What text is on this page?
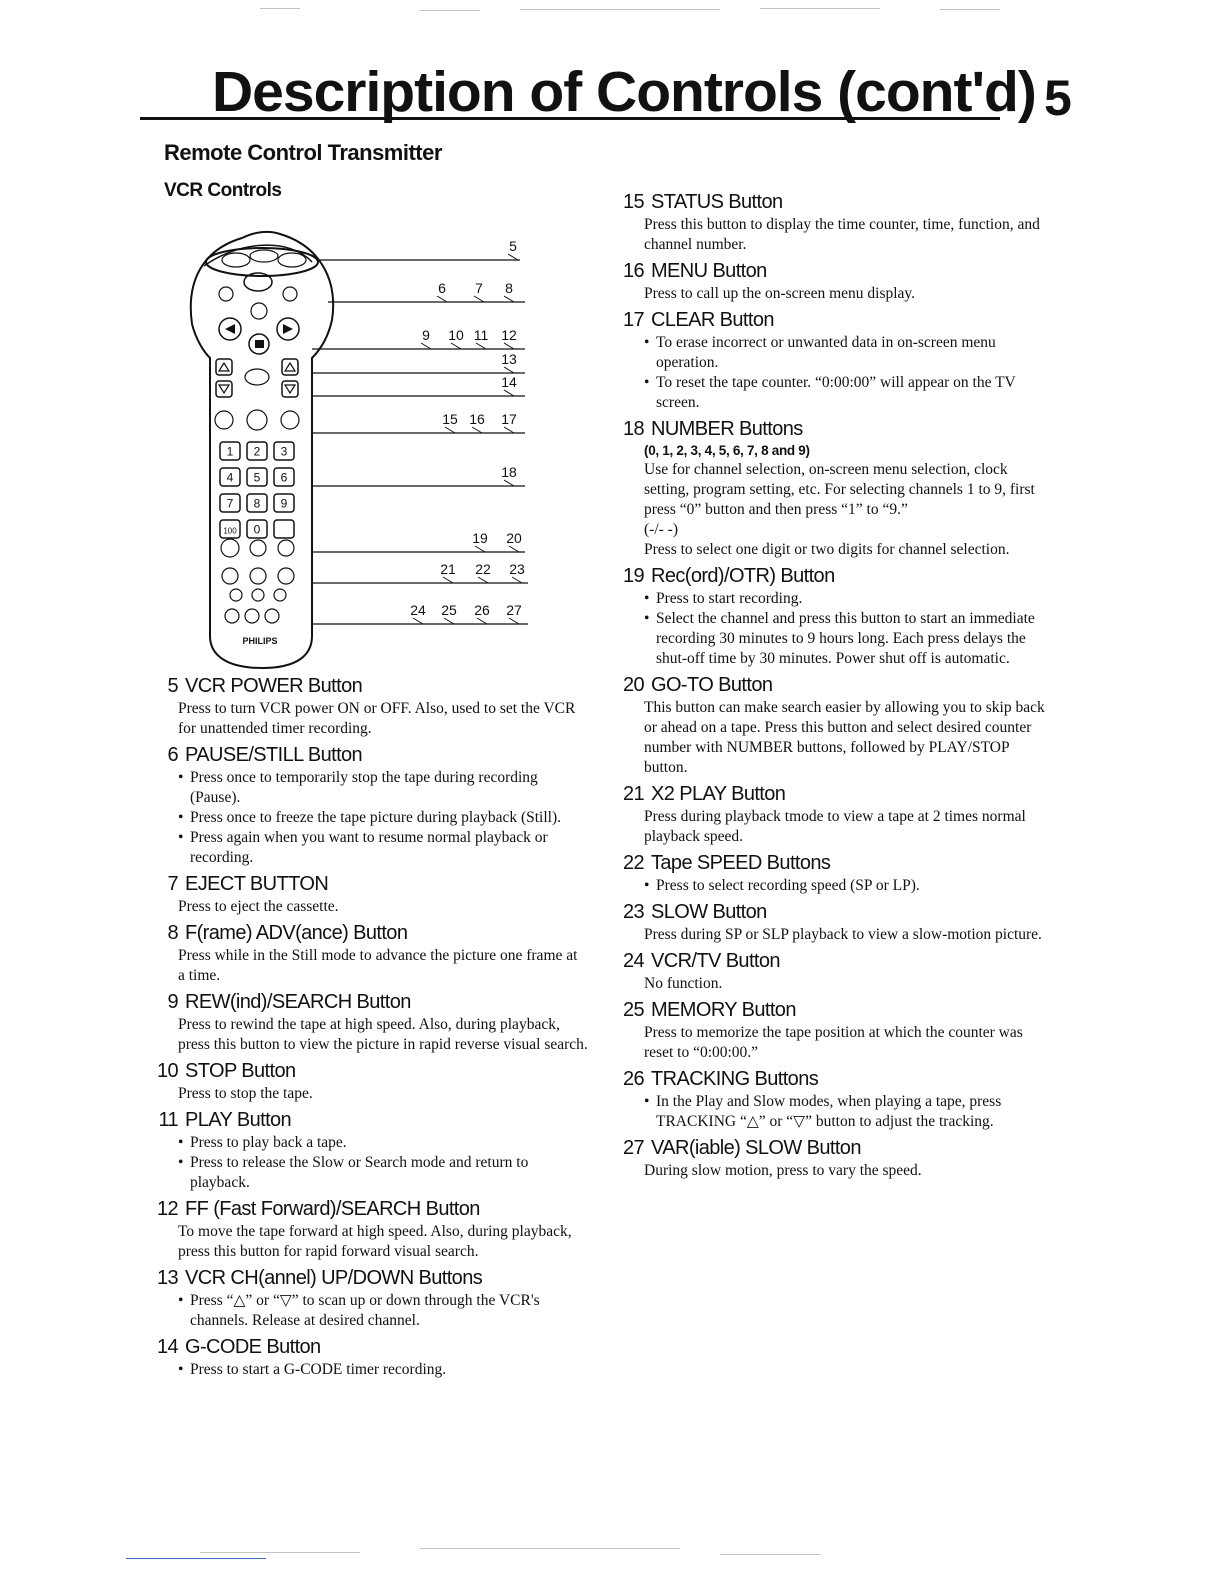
Description of Controls (cont'd) 5
Remote Control Transmitter
VCR Controls
1 2 3
4 5 6
7 8 9
100 0
PHILIPS
5
6 7 8
9 10 11 12
13
14
15 16 17
18
19 20
21 22 23
24 25 26 27
5 VCR POWER Button

Press to turn VCR power ON or OFF. Also, used to set the VCR for unattended timer recording.

6 PAUSE/STILL Button
• Press once to temporarily stop the tape during recording (Pause).
• Press once to freeze the tape picture during playback (Still).
• Press again when you want to resume normal playback or recording.
7 EJECT BUTTON

Press to eject the cassette.

8 F(rame) ADV(ance) Button

Press while in the Still mode to advance the picture one frame at a time.

9 REW(ind)/SEARCH Button

Press to rewind the tape at high speed. Also, during playback, press this button to view the picture in rapid reverse visual search.

10 STOP Button

Press to stop the tape.

11 PLAY Button
• Press to play back a tape.
• Press to release the Slow or Search mode and return to playback.
12 FF (Fast Forward)/SEARCH Button

To move the tape forward at high speed. Also, during playback, press this button for rapid forward visual search.

13 VCR CH(annel) UP/DOWN Buttons
• Press “△” or “▽” to scan up or down through the VCR's channels. Release at desired channel.
14 G-CODE Button
• Press to start a G-CODE timer recording.
15 STATUS Button

Press this button to display the time counter, time, function, and channel number.

16 MENU Button

Press to call up the on-screen menu display.

17 CLEAR Button
• To erase incorrect or unwanted data in on-screen menu operation.
• To reset the tape counter. “0:00:00” will appear on the TV screen.
18 NUMBER Buttons
(0, 1, 2, 3, 4, 5, 6, 7, 8 and 9)

Use for channel selection, on-screen menu selection, clock setting, program setting, etc. For selecting channels 1 to 9, first press “0” button and then press “1” to “9.”

(-/- -)

Press to select one digit or two digits for channel selection.

19 Rec(ord)/OTR) Button
• Press to start recording.
• Select the channel and press this button to start an immediate recording 30 minutes to 9 hours long. Each press delays the shut-off time by 30 minutes. Power shut off is automatic.
20 GO-TO Button

This button can make search easier by allowing you to skip back or ahead on a tape. Press this button and select desired counter number with NUMBER buttons, followed by PLAY/STOP button.

21 X2 PLAY Button

Press during playback tmode to view a tape at 2 times normal playback speed.

22 Tape SPEED Buttons
• Press to select recording speed (SP or LP).
23 SLOW Button

Press during SP or SLP playback to view a slow-motion picture.

24 VCR/TV Button

No function.

25 MEMORY Button

Press to memorize the tape position at which the counter was reset to “0:00:00.”

26 TRACKING Buttons
• In the Play and Slow modes, when playing a tape, press TRACKING “△” or “▽” button to adjust the tracking.
27 VAR(iable) SLOW Button

During slow motion, press to vary the speed.
